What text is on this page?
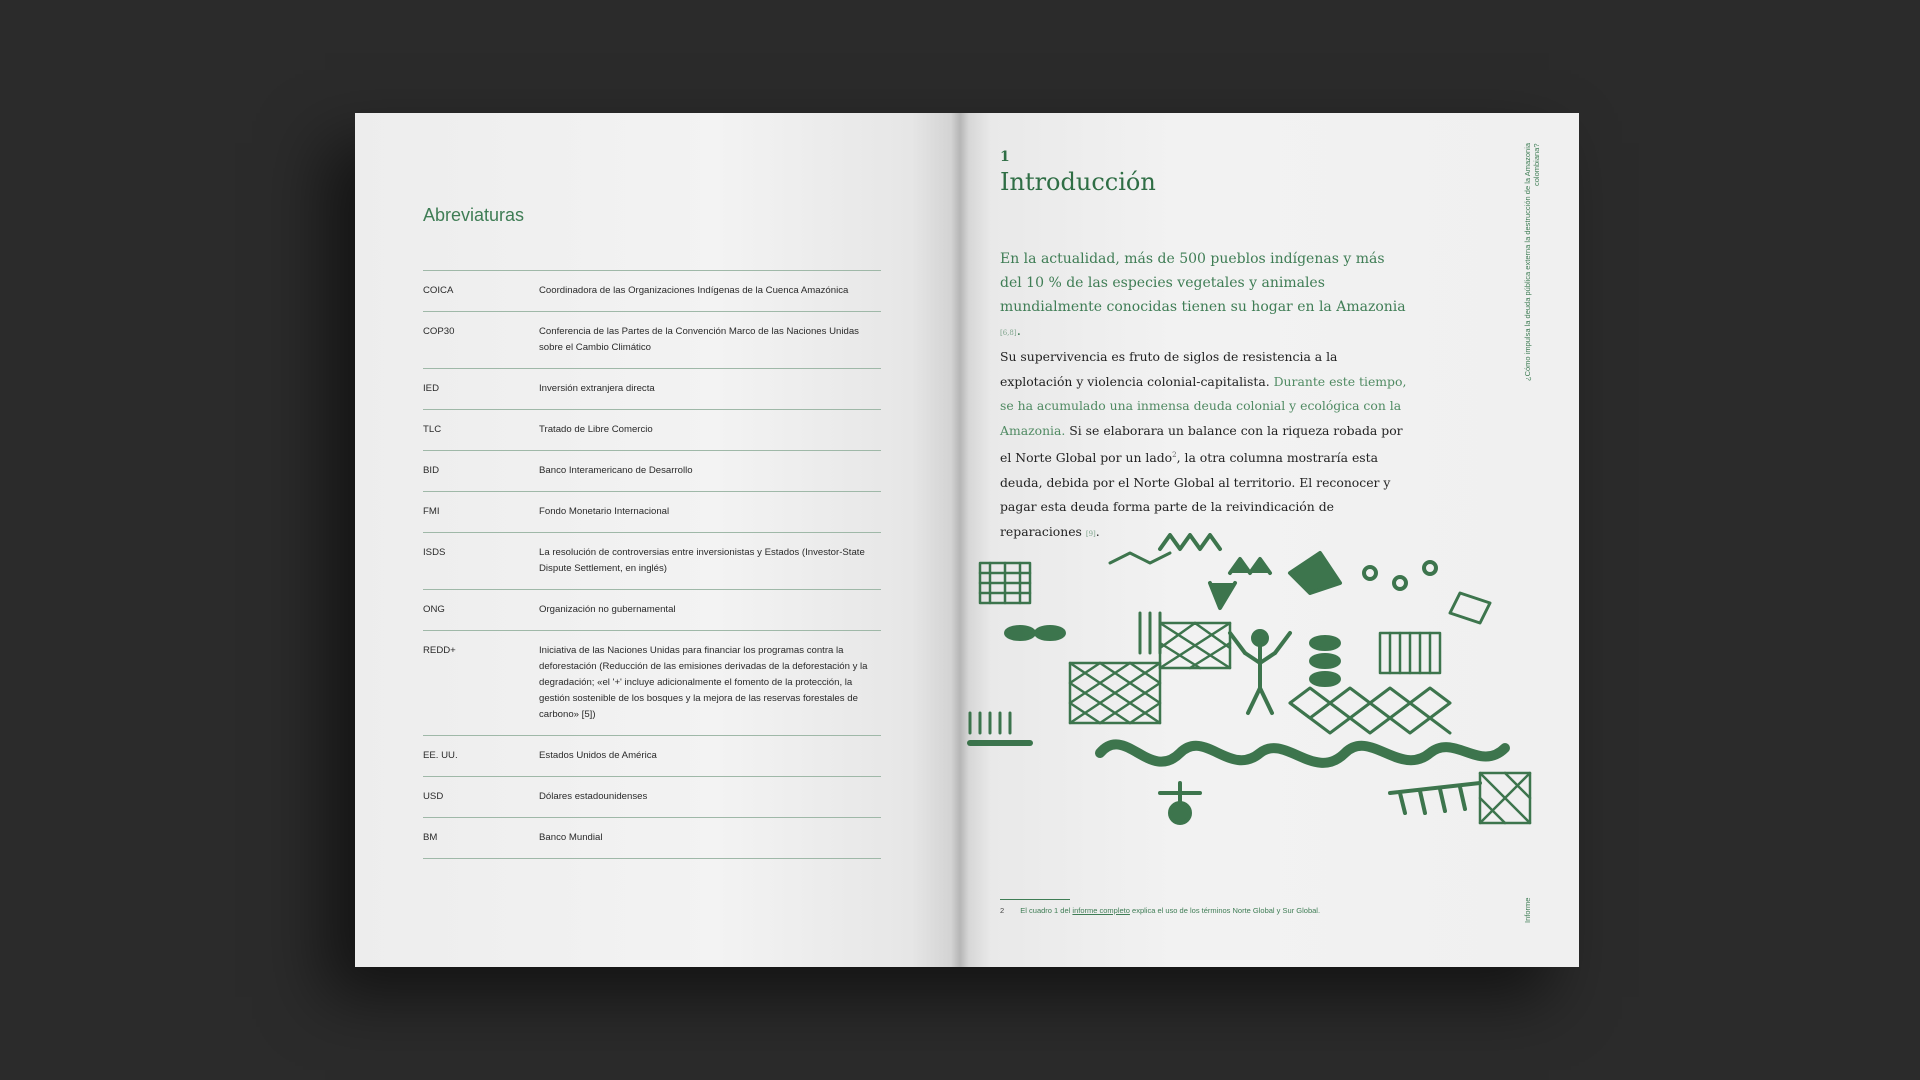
Abreviaturas
COICA	Coordinadora de las Organizaciones Indígenas de la Cuenca Amazónica
COP30	Conferencia de las Partes de la Convención Marco de las Naciones Unidas sobre el Cambio Climático
IED	Inversión extranjera directa
TLC	Tratado de Libre Comercio
BID	Banco Interamericano de Desarrollo
FMI	Fondo Monetario Internacional
ISDS	La resolución de controversias entre inversionistas y Estados (Investor-State Dispute Settlement, en inglés)
ONG	Organización no gubernamental
REDD+	Iniciativa de las Naciones Unidas para financiar los programas contra la deforestación (Reducción de las emisiones derivadas de la deforestación y la degradación; «el '+' incluye adicionalmente el fomento de la protección, la gestión sostenible de los bosques y la mejora de las reservas forestales de carbono» [5])
EE. UU.	Estados Unidos de América
USD	Dólares estadounidenses
BM	Banco Mundial
1
Introducción
En la actualidad, más de 500 pueblos indígenas y más del 10 % de las especies vegetales y animales mundialmente conocidas tienen su hogar en la Amazonia [6,8].
Su supervivencia es fruto de siglos de resistencia a la explotación y violencia colonial-capitalista. Durante este tiempo, se ha acumulado una inmensa deuda colonial y ecológica con la Amazonia. Si se elaborara un balance con la riqueza robada por el Norte Global por un lado$^2$, la otra columna mostraría esta deuda, debida por el Norte Global al territorio. El reconocer y pagar esta deuda forma parte de la reivindicación de reparaciones [9].
¿Cómo impulsa la deuda pública externa la destrucción de la Amazonia colombiana?
2 El cuadro 1 del informe completo explica el uso de los términos Norte Global y Sur Global.	Informe
